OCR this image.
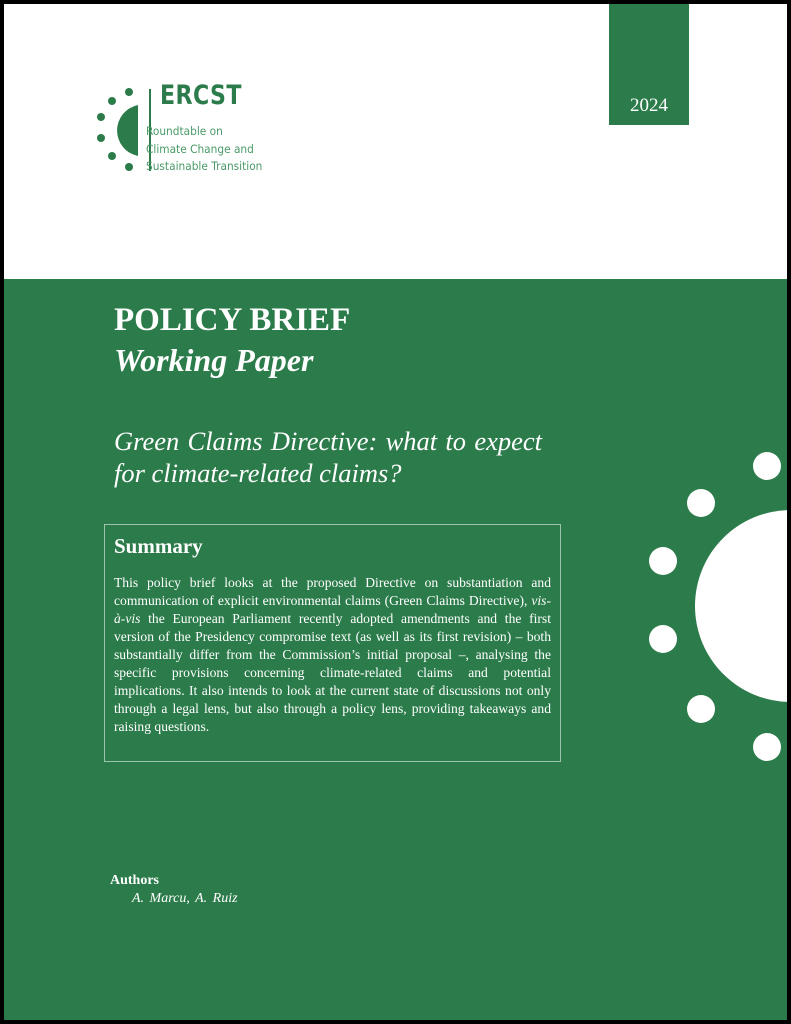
ERCST
Roundtable on
Climate Change and
Sustainable Transition
2024
POLICY BRIEF
Working Paper
Green Claims Directive: what to expect for climate-related claims?
Summary

This policy brief looks at the proposed Directive on substantiation and communication of explicit environmental claims (Green Claims Directive), vis-à-vis the European Parliament recently adopted amendments and the first version of the Presidency compromise text (as well as its first revision) – both substantially differ from the Commission’s initial proposal –, analysing the specific provisions concerning climate-related claims and potential implications. It also intends to look at the current state of discussions not only through a legal lens, but also through a policy lens, providing takeaways and raising questions.

Authors
A. Marcu, A. Ruiz
